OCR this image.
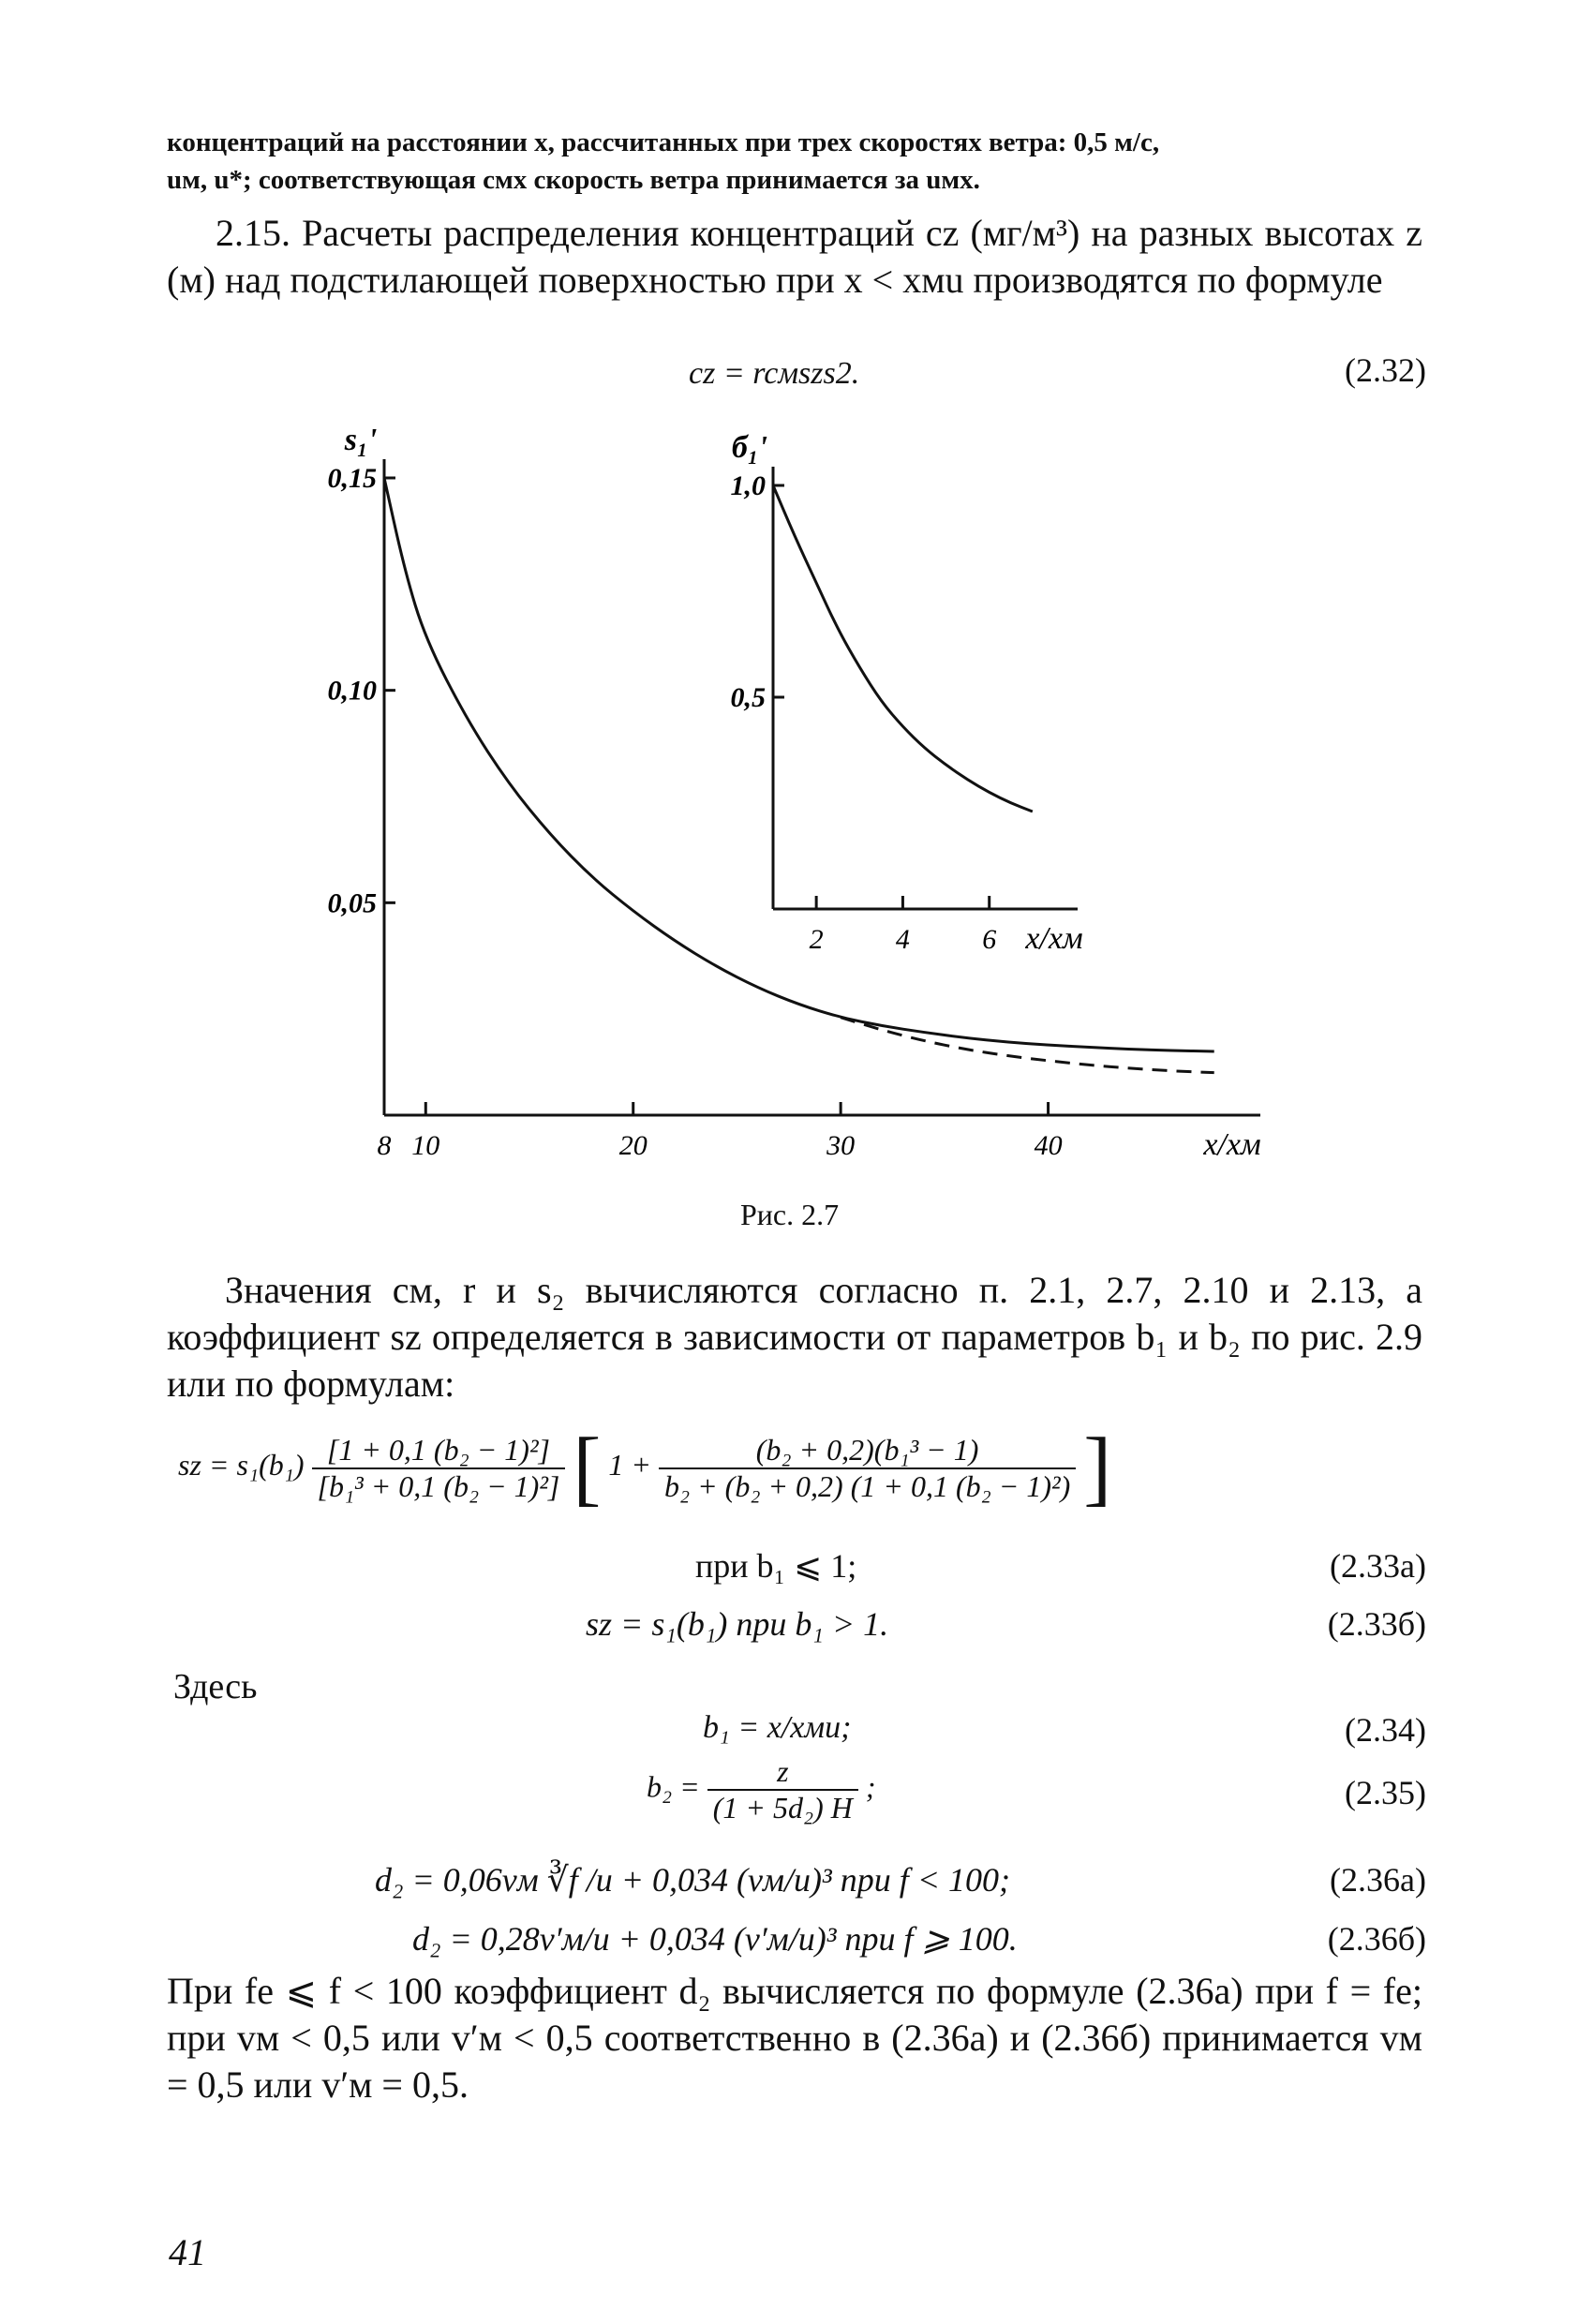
концентраций на расстоянии x, рассчитанных при трех скоростях ветра: 0,5 м/с,

uм, u*; соответствующая cмx скорость ветра принимается за uмx.

2.15. Расчеты распределения концентраций cz (мг/м³) на разных высотах z (м) над подстилающей поверхностью при x < xмu производятся по формуле

cz = rcмszs2.	(2.32)
8 10	20	30	40
0,05
0,10
0,15
s₁'
x/xм
2	4	6
0,5
1,0
б₁'
x/xм
Рис. 2.7

Значения cм, r и s₂ вычисляются согласно п. 2.1, 2.7, 2.10 и 2.13, а коэффициент sz определяется в зависимости от параметров b₁ и b₂ по рис. 2.9 или по формулам:

sz = $s_1(b_1) \frac{\text{[1 + 0,1 (b₂ − 1)²]}}{\text{[b₁³ + 0,1 (b₂ − 1)²]}}$ [ $1 + \frac{\text{(b₂ + 0,2)(b₁³ − 1)}}{\text{b₂ + (b₂ + 0,2) (1 + 0,1 (b₂ − 1)²)}}$ ]
при b₁ ⩽ 1;	(2.33а)
sz = s₁(b₁) при b₁ > 1.	(2.33б)
Здесь
b₁ = x/xмu;	(2.34)
$b_2 = \frac{z}{\text{(1 + 5d₂) H}}$ ;	(2.35)
d₂ = 0,06vм ∛f /u + 0,034 (vм/u)³ при f < 100;	(2.36а)
d₂ = 0,28v′м/u + 0,034 (v′м/u)³ при f ⩾ 100.	(2.36б)

При fe ⩽ f < 100 коэффициент d₂ вычисляется по формуле (2.36а) при f = fe; при vм < 0,5 или v′м < 0,5 соответственно в (2.36а) и (2.36б) принимается vм = 0,5 или v′м = 0,5.

41
